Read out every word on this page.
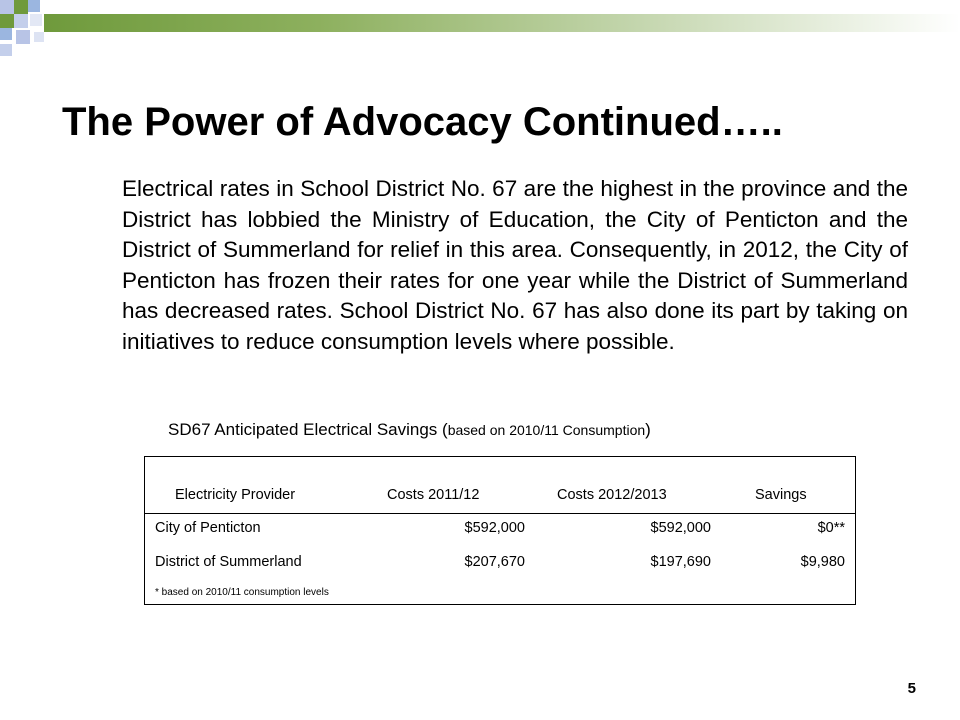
The Power of Advocacy Continued…..

Electrical rates in School District No. 67 are the highest in the province and the District has lobbied the Ministry of Education, the City of Penticton and the District of Summerland for relief in this area. Consequently, in 2012, the City of Penticton has frozen their rates for one year while the District of Summerland has decreased rates. School District No. 67 has also done its part by taking on initiatives to reduce consumption levels where possible.

SD67 Anticipated Electrical Savings (based on 2010/11 Consumption)
Electricity Provider	Costs 2011/12	Costs 2012/2013	Savings
City of Penticton	$592,000	$592,000	$0**
District of Summerland	$207,670	$197,690	$9,980
* based on 2010/11 consumption levels
5
